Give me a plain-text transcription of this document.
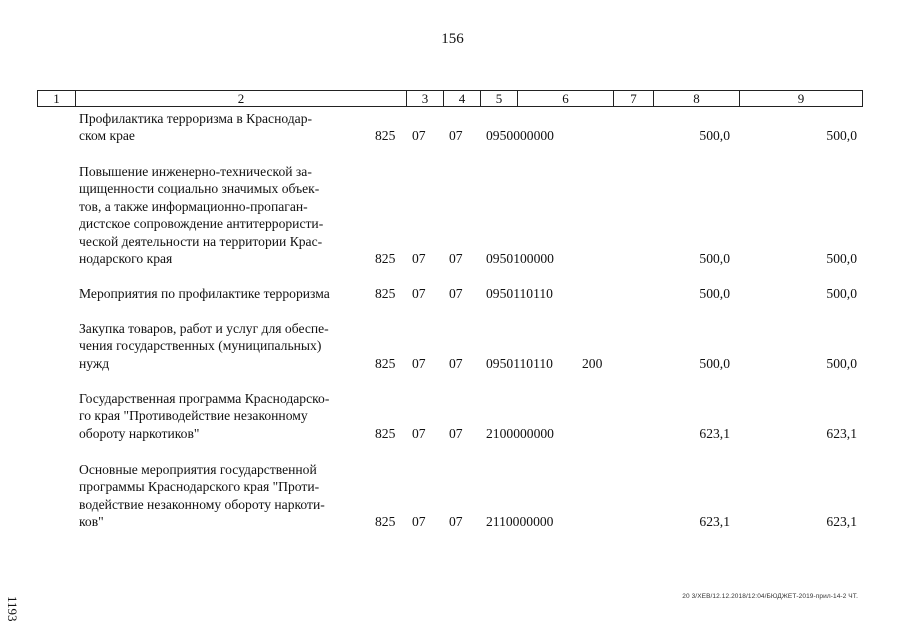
156
1	2	3	4	5	6	7	8	9
Профилактика терроризма в Краснодар-
ском крае	825 07 07 0950000000	500,0	500,0
Повышение инженерно-технической за-
щищенности социально значимых объек-
тов, а также информационно-пропаган-
дистское сопровождение антитеррористи-
ческой деятельности на территории Крас-
нодарского края	825 07 07 0950100000	500,0	500,0
Мероприятия по профилактике терроризма	825 07 07 0950110110	500,0	500,0
Закупка товаров, работ и услуг для обеспе-
чения государственных (муниципальных)
нужд	825 07 07 0950110110 200	500,0	500,0
Государственная программа Краснодарско-
го края "Противодействие незаконному
обороту наркотиков"	825 07 07 2100000000	623,1	623,1
Основные мероприятия государственной
программы Краснодарского края "Проти-
водействие незаконному обороту наркоти-
ков"	825 07 07 2110000000	623,1	623,1
20 3/ХЕВ/12.12.2018/12:04/БЮДЖЕТ-2019-прил-14-2 ЧТ.
1193
